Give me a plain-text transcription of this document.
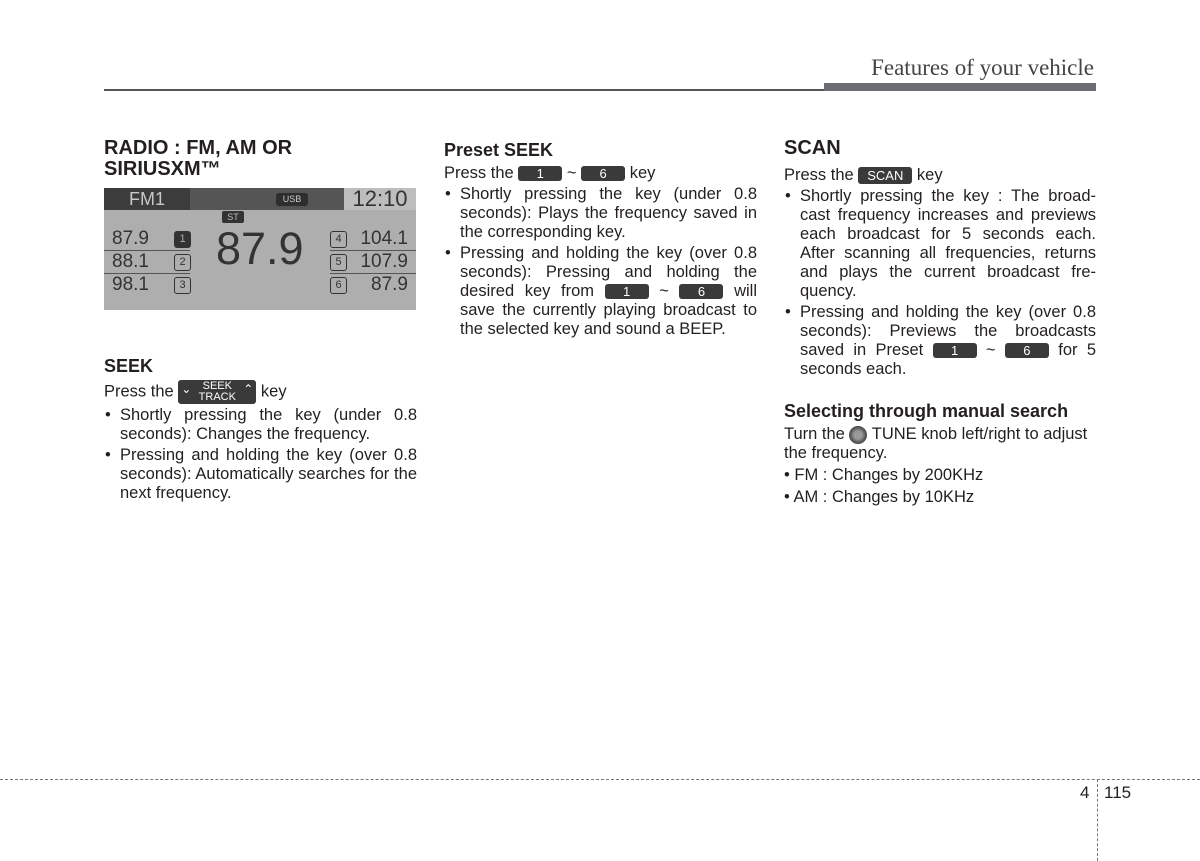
Features of your vehicle
RADIO : FM, AM OR SIRIUSXM™
FM1	USB	12:10
ST
87.9
87.9	1	4 104.1
88.1	2	5 107.9
98.1	3	6 87.9
SEEK

Press the ⌄	SEEK
TRACK
⌃ key

• Shortly pressing the key (under 0.8 seconds): Changes the frequency.
• Pressing and holding the key (over 0.8 seconds): Automatically searches for the next frequency.
Preset SEEK

Press the 1 ~ 6 key

• Shortly pressing the key (under 0.8 seconds): Plays the frequency saved in the corresponding key.
• Pressing and holding the key (over 0.8 seconds): Pressing and holding the desired key from 1 ~ 6 will save the currently playing broadcast to the selected key and sound a BEEP.
SCAN

Press the SCAN key

• Shortly pressing the key : The broad-cast frequency increases and previews each broadcast for 5 seconds each. After scanning all frequencies, returns and plays the current broadcast fre-quency.
• Pressing and holding the key (over 0.8 seconds): Previews the broadcasts saved in Preset 1 ~ 6 for 5 seconds each.
Selecting through manual search

Turn the TUNE knob left/right to adjust the frequency.

• FM : Changes by 200KHz

• AM : Changes by 10KHz

4 115
